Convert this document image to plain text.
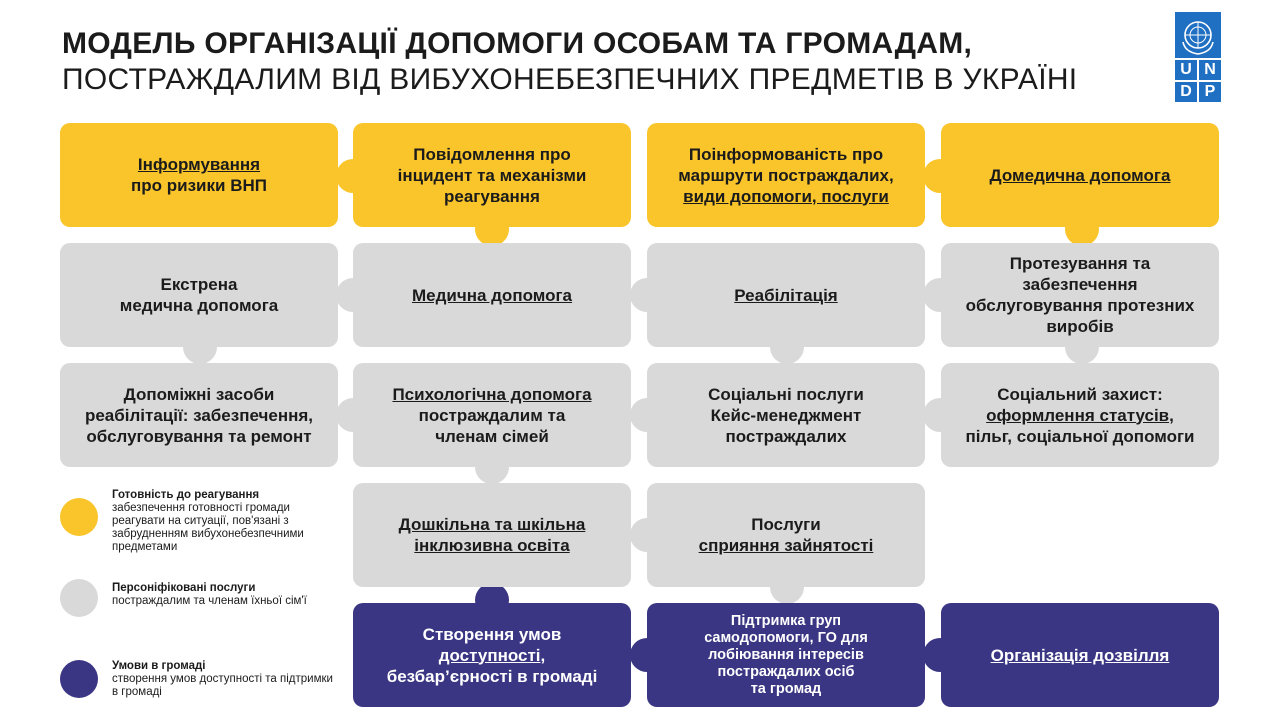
МОДЕЛЬ ОРГАНІЗАЦІЇ ДОПОМОГИ ОСОБАМ ТА ГРОМАДАМ,
ПОСТРАЖДАЛИМ ВІД ВИБУХОНЕБЕЗПЕЧНИХ ПРЕДМЕТІВ В УКРАЇНІ	U N
D P
Інформування
про ризики ВНП
Повідомлення про
інцидент та механізми
реагування
Поінформованість про
маршрути постраждалих,
види допомоги, послуги
Домедична допомога
Екстрена
медична допомога
Медична допомога	Реабілітація
Протезування та
забезпечення
обслуговування протезних
виробів
Допоміжні засоби
реабілітації: забезпечення,
обслуговування та ремонт
Психологічна допомога
постраждалим та
членам сімей
Соціальні послуги
Кейс-менеджмент
постраждалих
Соціальний захист:
оформлення статусів,
пільг, соціальної допомоги
Дошкільна та шкільна
інклюзивна освіта
Послуги
сприяння зайнятості
Створення умов
доступності,
безбар’єрності в громаді
Підтримка груп
самодопомоги, ГО для
лобіювання інтересів
постраждалих осіб
та громад
Організація дозвілля
Готовність до реагування
забезпечення готовності громади реагувати на ситуації, пов'язані з забрудненням вибухонебезпечними предметами
Персоніфіковані послуги
постраждалим та членам їхньої сім'ї
Умови в громаді
створення умов доступності та підтримки в громаді
